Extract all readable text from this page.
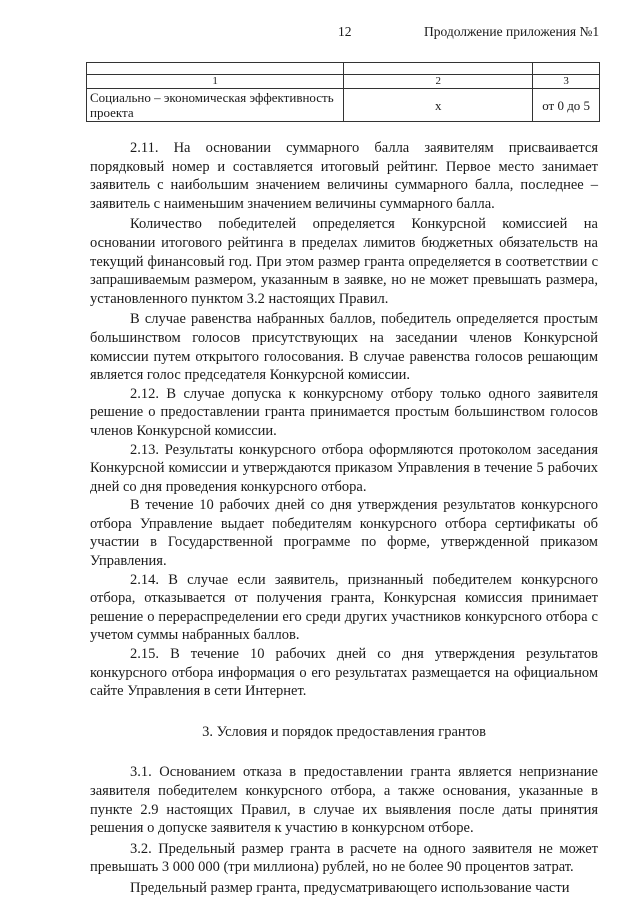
12	Продолжение приложения №1

1	2	3
Социально – экономическая эффективность проекта	х	от 0 до 5

2.11. На основании суммарного балла заявителям присваивается порядковый номер и составляется итоговый рейтинг. Первое место занимает заявитель с наибольшим значением величины суммарного балла, последнее – заявитель с наименьшим значением величины суммарного балла.

Количество победителей определяется Конкурсной комиссией на основании итогового рейтинга в пределах лимитов бюджетных обязательств на текущий финансовый год. При этом размер гранта определяется в соответствии с запрашиваемым размером, указанным в заявке, но не может превышать размера, установленного пунктом 3.2 настоящих Правил.

В случае равенства набранных баллов, победитель определяется простым большинством голосов присутствующих на заседании членов Конкурсной комиссии путем открытого голосования. В случае равенства голосов решающим является голос председателя Конкурсной комиссии.

2.12. В случае допуска к конкурсному отбору только одного заявителя решение о предоставлении гранта принимается простым большинством голосов членов Конкурсной комиссии.

2.13. Результаты конкурсного отбора оформляются протоколом заседания Конкурсной комиссии и утверждаются приказом Управления в течение 5 рабочих дней со дня проведения конкурсного отбора.

В течение 10 рабочих дней со дня утверждения результатов конкурсного отбора Управление выдает победителям конкурсного отбора сертификаты об участии в Государственной программе по форме, утвержденной приказом Управления.

2.14. В случае если заявитель, признанный победителем конкурсного отбора, отказывается от получения гранта, Конкурсная комиссия принимает решение о перераспределении его среди других участников конкурсного отбора с учетом суммы набранных баллов.

2.15. В течение 10 рабочих дней со дня утверждения результатов конкурсного отбора информация о его результатах размещается на официальном сайте Управления в сети Интернет.

3. Условия и порядок предоставления грантов

3.1. Основанием отказа в предоставлении гранта является непризнание заявителя победителем конкурсного отбора, а также основания, указанные в пункте 2.9 настоящих Правил, в случае их выявления после даты принятия решения о допуске заявителя к участию в конкурсном отборе.

3.2. Предельный размер гранта в расчете на одного заявителя не может превышать 3 000 000 (три миллиона) рублей, но не более 90 процентов затрат.

Предельный размер гранта, предусматривающего использование части
